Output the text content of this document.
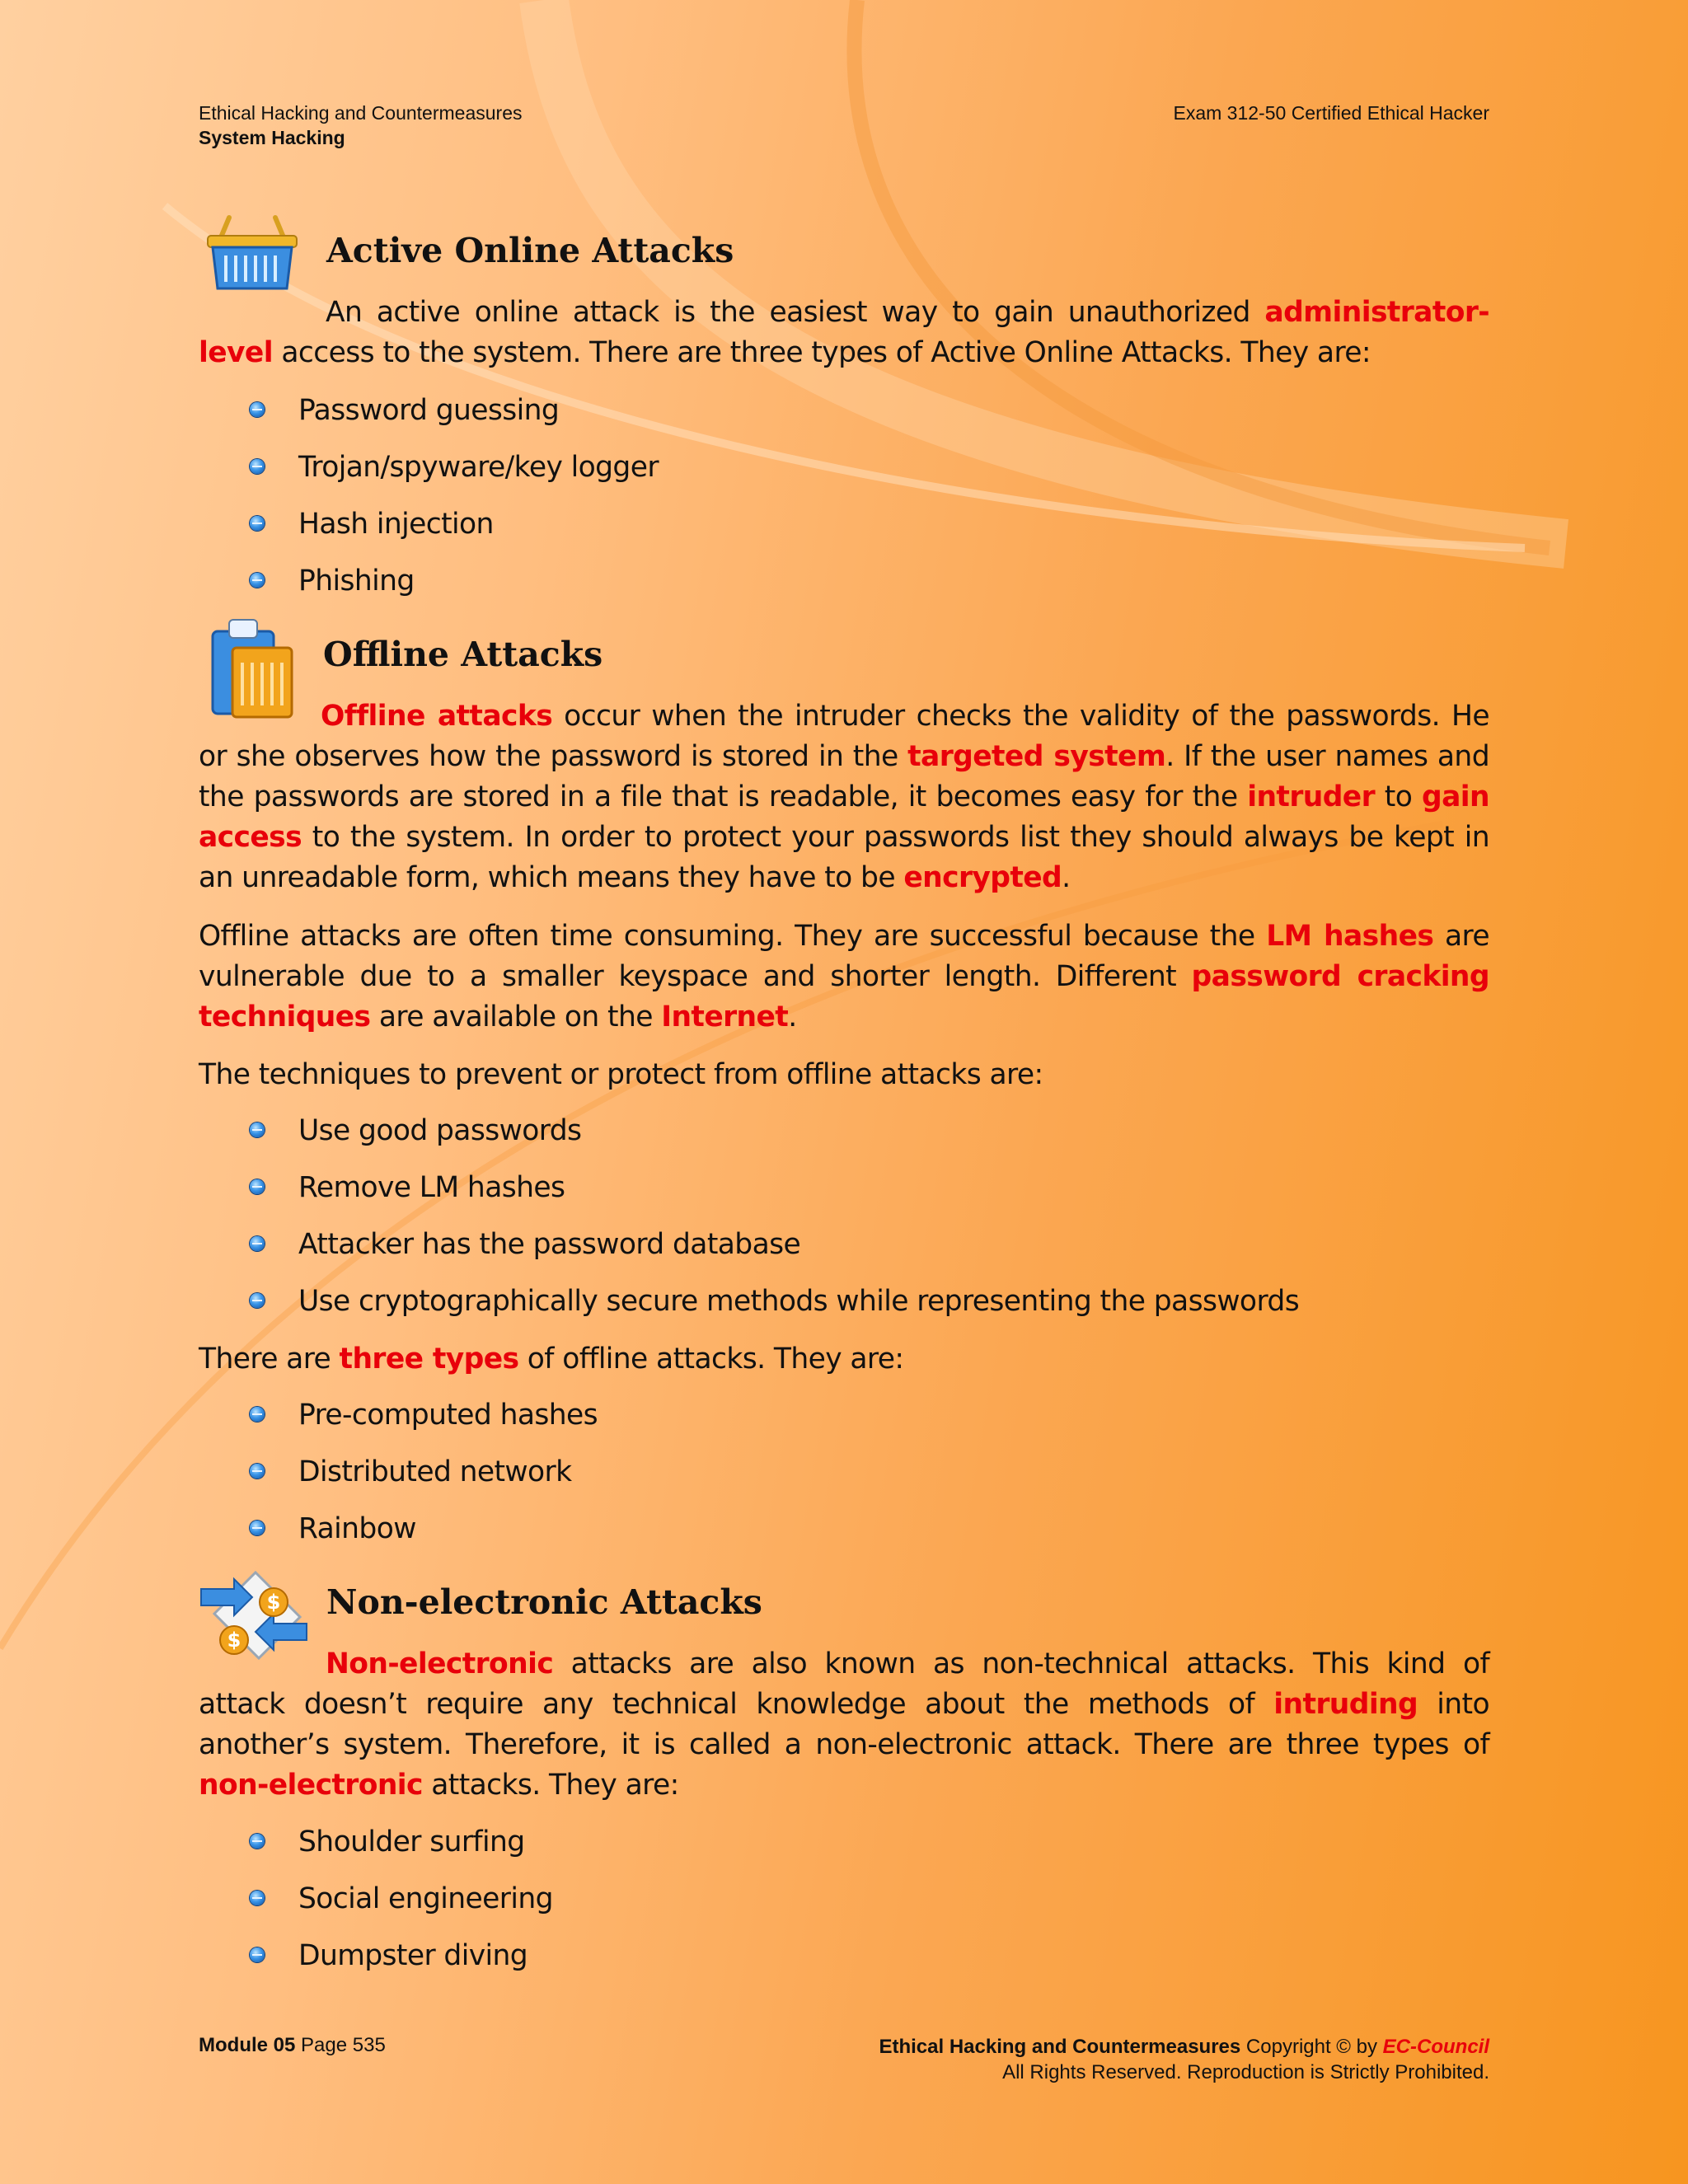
Ethical Hacking and Countermeasures
System Hacking
Exam 312-50 Certified Ethical Hacker
Active Online Attacks
An active online attack is the easiest way to gain unauthorized administrator-level access to the system. There are three types of Active Online Attacks. They are:
Password guessing
Trojan/spyware/key logger
Hash injection
Phishing
Offline Attacks
Offline attacks occur when the intruder checks the validity of the passwords. He or she observes how the password is stored in the targeted system. If the user names and the passwords are stored in a file that is readable, it becomes easy for the intruder to gain access to the system. In order to protect your passwords list they should always be kept in an unreadable form, which means they have to be encrypted.
Offline attacks are often time consuming. They are successful because the LM hashes are vulnerable due to a smaller keyspace and shorter length. Different password cracking techniques are available on the Internet.
The techniques to prevent or protect from offline attacks are:
Use good passwords
Remove LM hashes
Attacker has the password database
Use cryptographically secure methods while representing the passwords
There are three types of offline attacks. They are:
Pre-computed hashes
Distributed network
Rainbow
$
$
Non-electronic Attacks
Non-electronic attacks are also known as non-technical attacks. This kind of attack doesn’t require any technical knowledge about the methods of intruding into another’s system. Therefore, it is called a non-electronic attack. There are three types of non-electronic attacks. They are:
Shoulder surfing
Social engineering
Dumpster diving
Module 05 Page 535	Ethical Hacking and Countermeasures Copyright © by EC-Council
All Rights Reserved. Reproduction is Strictly Prohibited.
